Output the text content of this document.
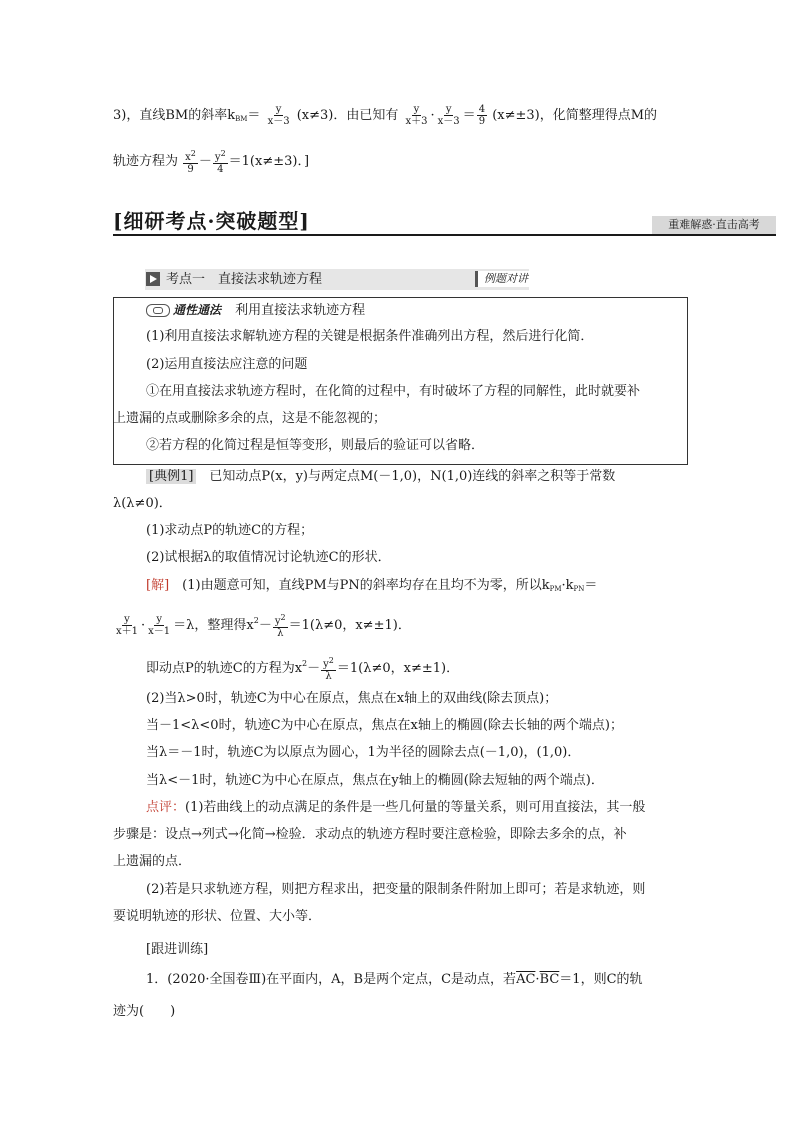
3)，直线BM的斜率$k_{BM}= \frac{y}{x-3} (x\ne 3)$．由已知有 $\frac{y}{x+3} \cdot \frac{y}{x-3} = \frac{4}{9} (x\ne\pm 3)$，化简整理得点M的
轨迹方程为 $\frac{x^2}{9} - \frac{y^2}{4} =1(x\ne\pm 3)$．]
[细研考点·突破题型]	重难解惑·直击高考
考点一　直接法求轨迹方程	例题对讲
通性通法 利用直接法求轨迹方程
(1)利用直接法求解轨迹方程的关键是根据条件准确列出方程，然后进行化简．
(2)运用直接法应注意的问题
①在用直接法求轨迹方程时，在化简的过程中，有时破坏了方程的同解性，此时就要补
上遗漏的点或删除多余的点，这是不能忽视的；
②若方程的化简过程是恒等变形，则最后的验证可以省略．
[典例1]　已知动点P(x，y)与两定点M(－1,0)，N(1,0)连线的斜率之积等于常数
λ(λ≠0)．
(1)求动点P的轨迹C的方程；
(2)试根据λ的取值情况讨论轨迹C的形状．
[解]　(1)由题意可知，直线PM与PN的斜率均存在且均不为零，所以$k_{PM}\cdot k_{PN}=$
$\frac{y}{x+1} \cdot \frac{y}{x-1} =\lambda$，整理得$x^2- \frac{y^2}{\lambda} =1(\lambda\ne 0$，x≠±1)．
即动点P的轨迹C的方程为$x^2- \frac{y^2}{\lambda} =1(\lambda\ne 0$，x≠±1)．
(2)当λ>0时，轨迹C为中心在原点，焦点在x轴上的双曲线(除去顶点)；
当－1<λ<0时，轨迹C为中心在原点，焦点在x轴上的椭圆(除去长轴的两个端点)；
当λ＝－1时，轨迹C为以原点为圆心，1为半径的圆除去点(－1,0)，(1,0)．
当λ<－1时，轨迹C为中心在原点，焦点在y轴上的椭圆(除去短轴的两个端点)．
点评：(1)若曲线上的动点满足的条件是一些几何量的等量关系，则可用直接法，其一般
步骤是：设点→列式→化简→检验．求动点的轨迹方程时要注意检验，即除去多余的点，补
上遗漏的点．
(2)若是只求轨迹方程，则把方程求出，把变量的限制条件附加上即可；若是求轨迹，则
要说明轨迹的形状、位置、大小等．
[跟进训练]
1．(2020·全国卷Ⅲ)在平面内，A，B是两个定点，C是动点，若$\overline{AC}\cdot\overline{BC}=1$，则C的轨
迹为(　　)
